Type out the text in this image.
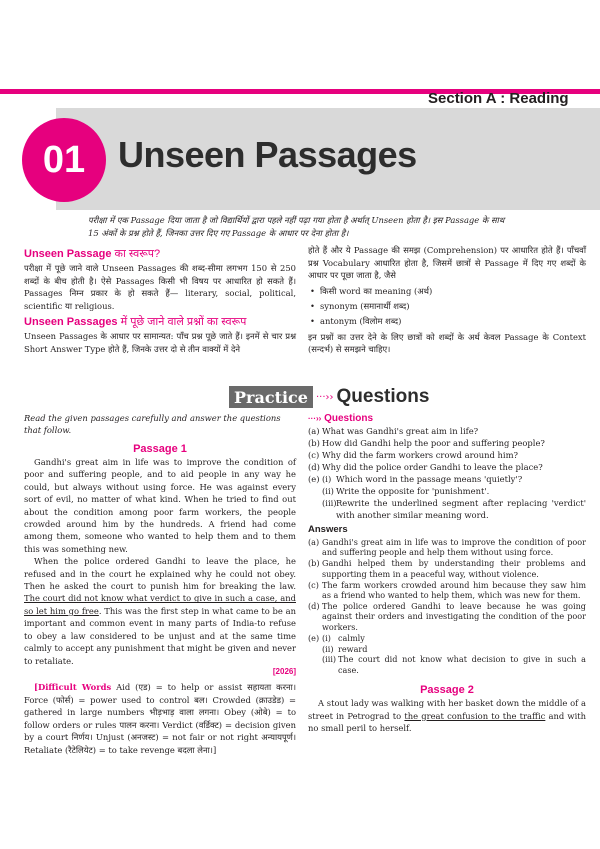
Section A : Reading
01 Unseen Passages

परीक्षा में एक Passage दिया जाता है जो विद्यार्थियों द्वारा पहले नहीं पढ़ा गया होता है अर्थात् Unseen होता है। इस Passage के साथ 15 अंकों के प्रश्न होते हैं, जिनका उत्तर दिए गए Passage के आधार पर देना होता है।

Unseen Passage का स्वरूप?

परीक्षा में पूछे जाने वाले Unseen Passages की शब्द-सीमा लगभग 150 से 250 शब्दों के बीच होती है। ऐसे Passages किसी भी विषय पर आधारित हो सकते हैं। Passages निम्न प्रकार के हो सकते हैं— literary, social, political, scientific या religious.

Unseen Passages में पूछे जाने वाले प्रश्नों का स्वरूप

Unseen Passages के आधार पर सामान्यत: पाँच प्रश्न पूछे जाते हैं। इनमें से चार प्रश्न Short Answer Type होते हैं, जिनके उत्तर दो से तीन वाक्यों में देने

होते हैं और ये Passage की समझ (Comprehension) पर आधारित होते हैं। पाँचवाँ प्रश्न Vocabulary आधारित होता है, जिसमें छात्रों से Passage में दिए गए शब्दों के आधार पर पूछा जाता है, जैसे

• किसी word का meaning (अर्थ)
• synonym (समानार्थी शब्द)
• antonym (विलोम शब्द)

इन प्रश्नों का उत्तर देने के लिए छात्रों को शब्दों के अर्थ केवल Passage के Context (सन्दर्भ) से समझने चाहिए।

Practice ···›› Questions

Read the given passages carefully and answer the questions that follow.

Passage 1

Gandhi's great aim in life was to improve the condition of poor and suffering people, and to aid people in any way he could, but always without using force. He was against every sort of evil, no matter of what kind. When he tried to find out about the condition among poor farm workers, the people crowded around him by the hundreds. A friend had come among them, someone who wanted to help them and to them this was something new.

When the police ordered Gandhi to leave the place, he refused and in the court he explained why he could not obey. Then he asked the court to punish him for breaking the law. The court did not know what verdict to give in such a case, and so let him go free. This was the first step in what came to be an important and common event in many parts of India-to refuse to obey a law considered to be unjust and at the same time calmly to accept any punishment that might be given and never to retaliate.

[2026]

[Difficult Words Aid (एड) = to help or assist सहायता करना। Force (फोर्स) = power used to control बल। Crowded (क्राउडेड) = gathered in large numbers भीड़भाड़ वाला लगना। Obey (ओबे) = to follow orders or rules पालन करना। Verdict (वर्डिक्ट) = decision given by a court निर्णय। Unjust (अनजस्ट) = not fair or not right अन्यायपूर्ण। Retaliate (रैटेलियेट) = to take revenge बदला लेना।]

···›› Questions
(a) What was Gandhi's great aim in life?
(b) How did Gandhi help the poor and suffering people?
(c) Why did the farm workers crowd around him?
(d) Why did the police order Gandhi to leave the place?
(e) (i) Which word in the passage means 'quietly'?
(ii) Write the opposite for 'punishment'.
(iii) Rewrite the underlined segment after replacing 'verdict' with another similar meaning word.
Answers
(a) Gandhi's great aim in life was to improve the condition of poor and suffering people and help them without using force.
(b) Gandhi helped them by understanding their problems and supporting them in a peaceful way, without violence.
(c) The farm workers crowded around him because they saw him as a friend who wanted to help them, which was new for them.
(d) The police ordered Gandhi to leave because he was going against their orders and investigating the condition of the poor workers.
(e) (i) calmly
(ii) reward
(iii) The court did not know what decision to give in such a case.
Passage 2

A stout lady was walking with her basket down the middle of a street in Petrograd to the great confusion to the traffic and with no small peril to herself.
